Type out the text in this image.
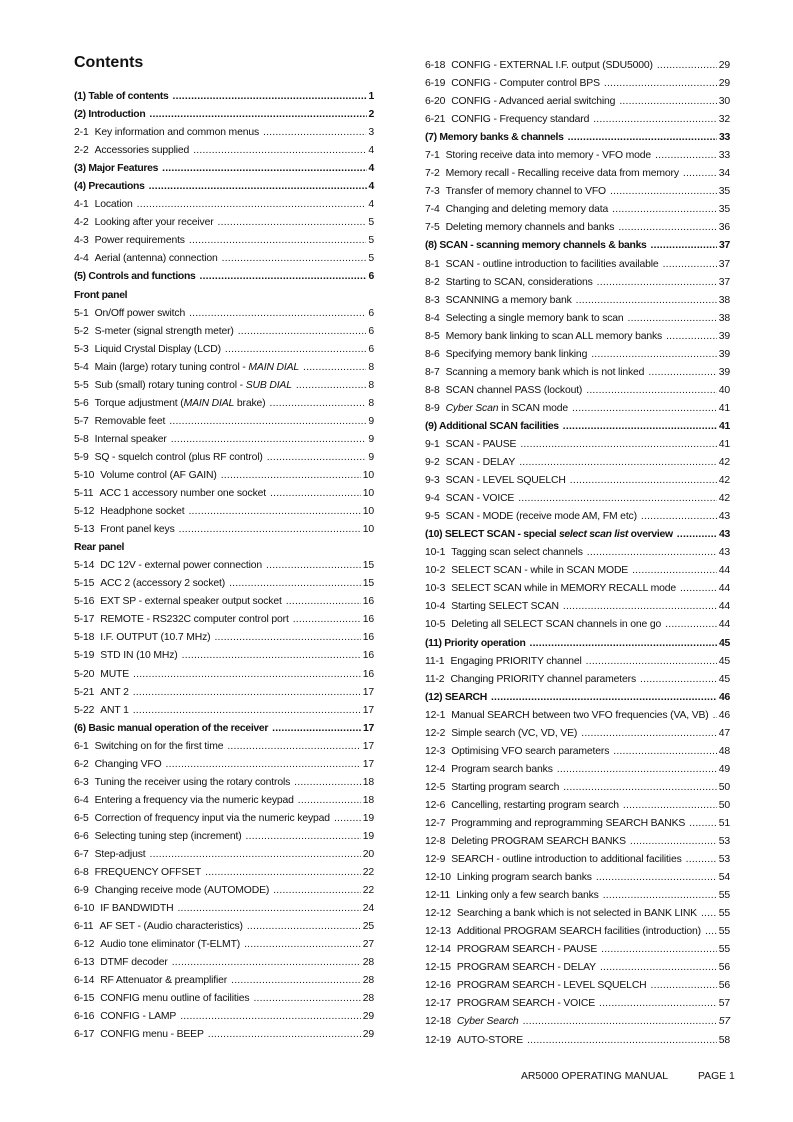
Contents
(1) Table of contents .....	1
(2) Introduction .....	2
2-1 Key information and common menus .....	3
2-2 Accessories supplied .....	4
(3) Major Features .....	4
(4) Precautions .....	4
4-1 Location .....	4
4-2 Looking after your receiver .....	5
4-3 Power requirements .....	5
4-4 Aerial (antenna) connection .....	5
(5) Controls and functions .....	6
Front panel
5-1 On/Off power switch .....	6
5-2 S-meter (signal strength meter) .....	6
5-3 Liquid Crystal Display (LCD) .....	6
5-4 Main (large) rotary tuning control - MAIN DIAL .....	8
5-5 Sub (small) rotary tuning control - SUB DIAL .....	8
5-6 Torque adjustment (MAIN DIAL brake) .....	8
5-7 Removable feet .....	9
5-8 Internal speaker .....	9
5-9 SQ - squelch control (plus RF control) .....	9
5-10 Volume control (AF GAIN) .....	10
5-11 ACC 1 accessory number one socket .....	10
5-12 Headphone socket .....	10
5-13 Front panel keys .....	10
Rear panel
5-14 DC 12V - external power connection .....	15
5-15 ACC 2 (accessory 2 socket) .....	15
5-16 EXT SP - external speaker output socket .....	16
5-17 REMOTE - RS232C computer control port .....	16
5-18 I.F. OUTPUT (10.7 MHz) .....	16
5-19 STD IN (10 MHz) .....	16
5-20 MUTE .....	16
5-21 ANT 2 .....	17
5-22 ANT 1 .....	17
(6) Basic manual operation of the receiver .....	17
6-1 Switching on for the first time .....	17
6-2 Changing VFO .....	17
6-3 Tuning the receiver using the rotary controls .....	18
6-4 Entering a frequency via the numeric keypad .....	18
6-5 Correction of frequency input via the numeric keypad .....	19
6-6 Selecting tuning step (increment) .....	19
6-7 Step-adjust .....	20
6-8 FREQUENCY OFFSET .....	22
6-9 Changing receive mode (AUTOMODE) .....	22
6-10 IF BANDWIDTH .....	24
6-11 AF SET - (Audio characteristics) .....	25
6-12 Audio tone eliminator (T-ELMT) .....	27
6-13 DTMF decoder .....	28
6-14 RF Attenuator & preamplifier .....	28
6-15 CONFIG menu outline of facilities .....	28
6-16 CONFIG - LAMP .....	29
6-17 CONFIG menu - BEEP .....	29
6-18 CONFIG - EXTERNAL I.F. output (SDU5000) .....	29
6-19 CONFIG - Computer control BPS .....	29
6-20 CONFIG - Advanced aerial switching .....	30
6-21 CONFIG - Frequency standard .....	32
(7) Memory banks & channels .....	33
7-1 Storing receive data into memory - VFO mode .....	33
7-2 Memory recall - Recalling receive data from memory .....	34
7-3 Transfer of memory channel to VFO .....	35
7-4 Changing and deleting memory data .....	35
7-5 Deleting memory channels and banks .....	36
(8) SCAN - scanning memory channels & banks .....	37
8-1 SCAN - outline introduction to facilities available .....	37
8-2 Starting to SCAN, considerations .....	37
8-3 SCANNING a memory bank .....	38
8-4 Selecting a single memory bank to scan .....	38
8-5 Memory bank linking to scan ALL memory banks .....	39
8-6 Specifying memory bank linking .....	39
8-7 Scanning a memory bank which is not linked .....	39
8-8 SCAN channel PASS (lockout) .....	40
8-9 Cyber Scan in SCAN mode .....	41
(9) Additional SCAN facilities .....	41
9-1 SCAN - PAUSE .....	41
9-2 SCAN - DELAY .....	42
9-3 SCAN - LEVEL SQUELCH .....	42
9-4 SCAN - VOICE .....	42
9-5 SCAN - MODE (receive mode AM, FM etc) .....	43
(10) SELECT SCAN - special select scan list overview .....	43
10-1 Tagging scan select channels .....	43
10-2 SELECT SCAN - while in SCAN MODE .....	44
10-3 SELECT SCAN while in MEMORY RECALL mode .....	44
10-4 Starting SELECT SCAN .....	44
10-5 Deleting all SELECT SCAN channels in one go .....	44
(11) Priority operation .....	45
11-1 Engaging PRIORITY channel .....	45
11-2 Changing PRIORITY channel parameters .....	45
(12) SEARCH .....	46
12-1 Manual SEARCH between two VFO frequencies (VA, VB) ..... 46
12-2 Simple search (VC, VD, VE) .....	47
12-3 Optimising VFO search parameters .....	48
12-4 Program search banks .....	49
12-5 Starting program search .....	50
12-6 Cancelling, restarting program search .....	50
12-7 Programming and reprogramming SEARCH BANKS .....	51
12-8 Deleting PROGRAM SEARCH BANKS .....	53
12-9 SEARCH - outline introduction to additional facilities .....	53
12-10 Linking program search banks .....	54
12-11 Linking only a few search banks .....	55
12-12 Searching a bank which is not selected in BANK LINK ..... 55
12-13 Additional PROGRAM SEARCH facilities (introduction) ..... 55
12-14 PROGRAM SEARCH - PAUSE .....	55
12-15 PROGRAM SEARCH - DELAY .....	56
12-16 PROGRAM SEARCH - LEVEL SQUELCH .....	56
12-17 PROGRAM SEARCH - VOICE .....	57
12-18 Cyber Search .....	57
12-19 AUTO-STORE .....	58
AR5000 OPERATING MANUAL	PAGE 1
